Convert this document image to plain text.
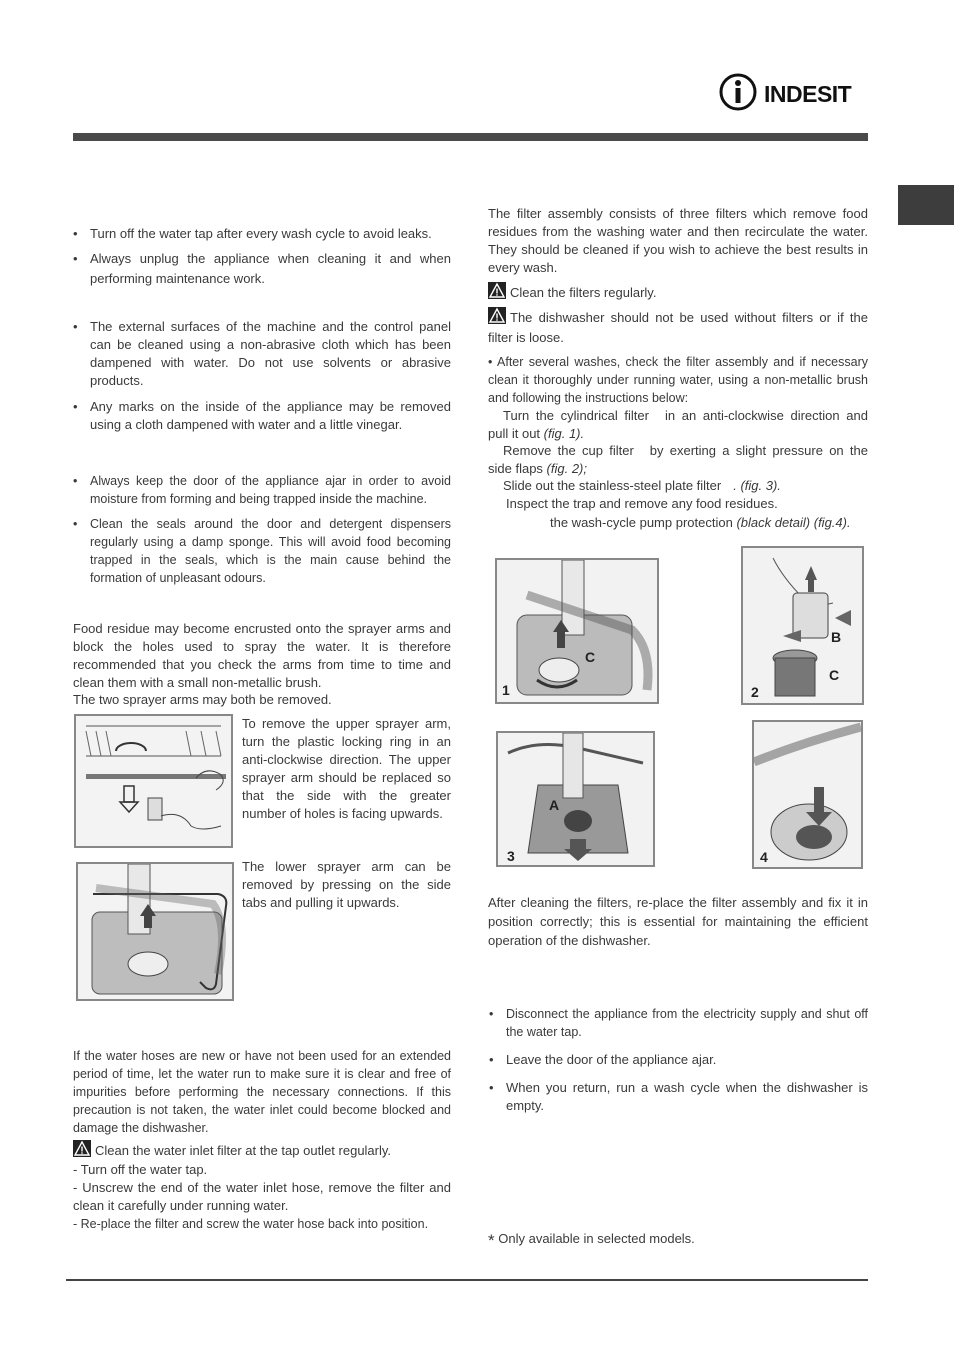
INDESIT
• Turn off the water tap after every wash cycle to avoid leaks.
• Always unplug the appliance when cleaning it and when performing maintenance work.
• The external surfaces of the machine and the control panel can be cleaned using a non-abrasive cloth which has been dampened with water. Do not use solvents or abrasive products.
• Any marks on the inside of the appliance may be removed using a cloth dampened with water and a little vinegar.
• Always keep the door of the appliance ajar in order to avoid moisture from forming and being trapped inside the machine.
• Clean the seals around the door and detergent dispensers regularly using a damp sponge. This will avoid food becoming trapped in the seals, which is the main cause behind the formation of unpleasant odours.
Food residue may become encrusted onto the sprayer arms and block the holes used to spray the water. It is therefore recommended that you check the arms from time to time and clean them with a small non-metallic brush.
The two sprayer arms may both be removed.
To remove the upper sprayer arm, turn the plastic locking ring in an anti-clockwise direction. The upper sprayer arm should be replaced so that the side with the greater number of holes is facing upwards.
The lower sprayer arm can be removed by pressing on the side tabs and pulling it upwards.
If the water hoses are new or have not been used for an extended period of time, let the water run to make sure it is clear and free of impurities before performing the necessary connections. If this precaution is not taken, the water inlet could become blocked and damage the dishwasher.
Clean the water inlet filter at the tap outlet regularly.
- Turn off the water tap.
- Unscrew the end of the water inlet hose, remove the filter and clean it carefully under running water.
- Re-place the filter and screw the water hose back into position.
The filter assembly consists of three filters which remove food residues from the washing water and then recirculate the water. They should be cleaned if you wish to achieve the best results in every wash.
Clean the filters regularly.
The dishwasher should not be used without filters or if the filter is loose.
• After several washes, check the filter assembly and if necessary clean it thoroughly under running water, using a non-metallic brush and following the instructions below:
Turn the cylindrical filter in an anti-clockwise direction and pull it out (fig. 1).
Remove the cup filter by exerting a slight pressure on the side flaps (fig. 2);
Slide out the stainless-steel plate filter . (fig. 3).
Inspect the trap and remove any food residues.
the wash-cycle pump protection (black detail) (fig.4).
1
C
2
B
C
3
A
4
After cleaning the filters, re-place the filter assembly and fix it in position correctly; this is essential for maintaining the efficient operation of the dishwasher.
• Disconnect the appliance from the electricity supply and shut off the water tap.
• Leave the door of the appliance ajar.
• When you return, run a wash cycle when the dishwasher is empty.
* Only available in selected models.
